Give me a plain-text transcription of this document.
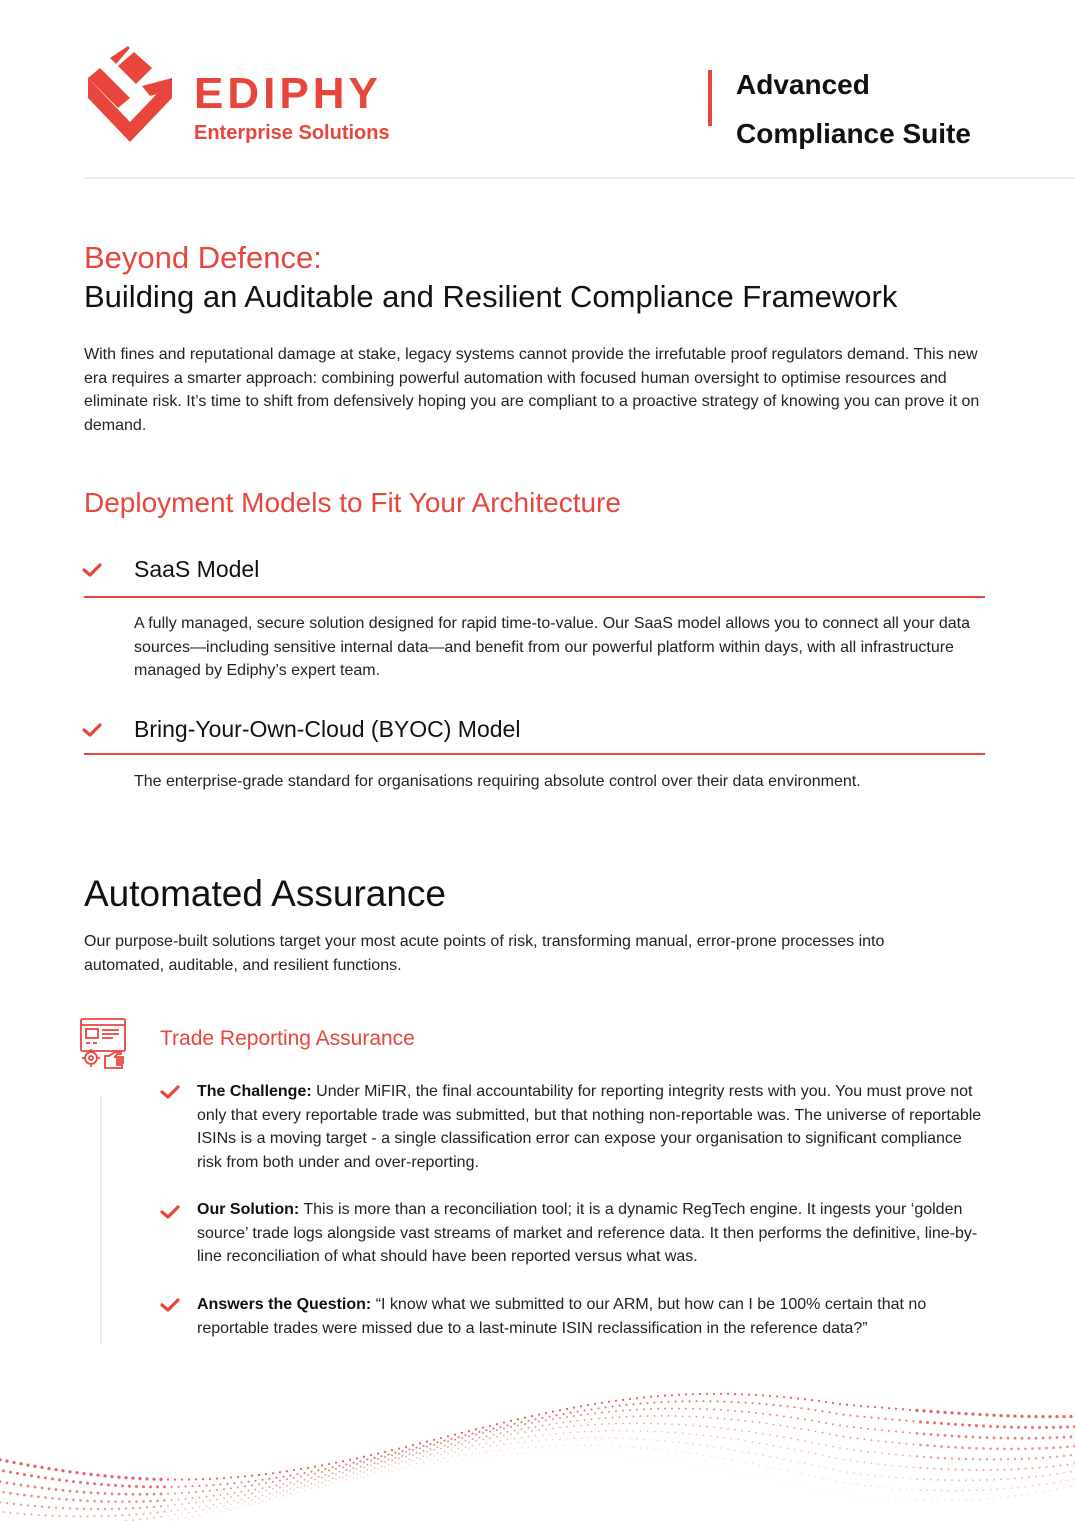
EDIPHY
Enterprise Solutions
Advanced Compliance Suite
Beyond Defence:
Building an Auditable and Resilient Compliance Framework
With fines and reputational damage at stake, legacy systems cannot provide the irrefutable proof regulators demand. This new era requires a smarter approach: combining powerful automation with focused human oversight to optimise resources and eliminate risk. It’s time to shift from defensively hoping you are compliant to a proactive strategy of knowing you can prove it on demand.
Deployment Models to Fit Your Architecture
SaaS Model
A fully managed, secure solution designed for rapid time-to-value. Our SaaS model allows you to connect all your data sources—including sensitive internal data—and benefit from our powerful platform within days, with all infrastructure managed by Ediphy’s expert team.
Bring-Your-Own-Cloud (BYOC) Model
The enterprise-grade standard for organisations requiring absolute control over their data environment.
Automated Assurance
Our purpose-built solutions target your most acute points of risk, transforming manual, error-prone processes into automated, auditable, and resilient functions.
Trade Reporting Assurance
The Challenge: Under MiFIR, the final accountability for reporting integrity rests with you. You must prove not only that every reportable trade was submitted, but that nothing non-reportable was. The universe of reportable ISINs is a moving target - a single classification error can expose your organisation to significant compliance risk from both under and over-reporting.
Our Solution: This is more than a reconciliation tool; it is a dynamic RegTech engine. It ingests your ‘golden source’ trade logs alongside vast streams of market and reference data. It then performs the definitive, line-by-line reconciliation of what should have been reported versus what was.
Answers the Question: “I know what we submitted to our ARM, but how can I be 100% certain that no reportable trades were missed due to a last-minute ISIN reclassification in the reference data?”
